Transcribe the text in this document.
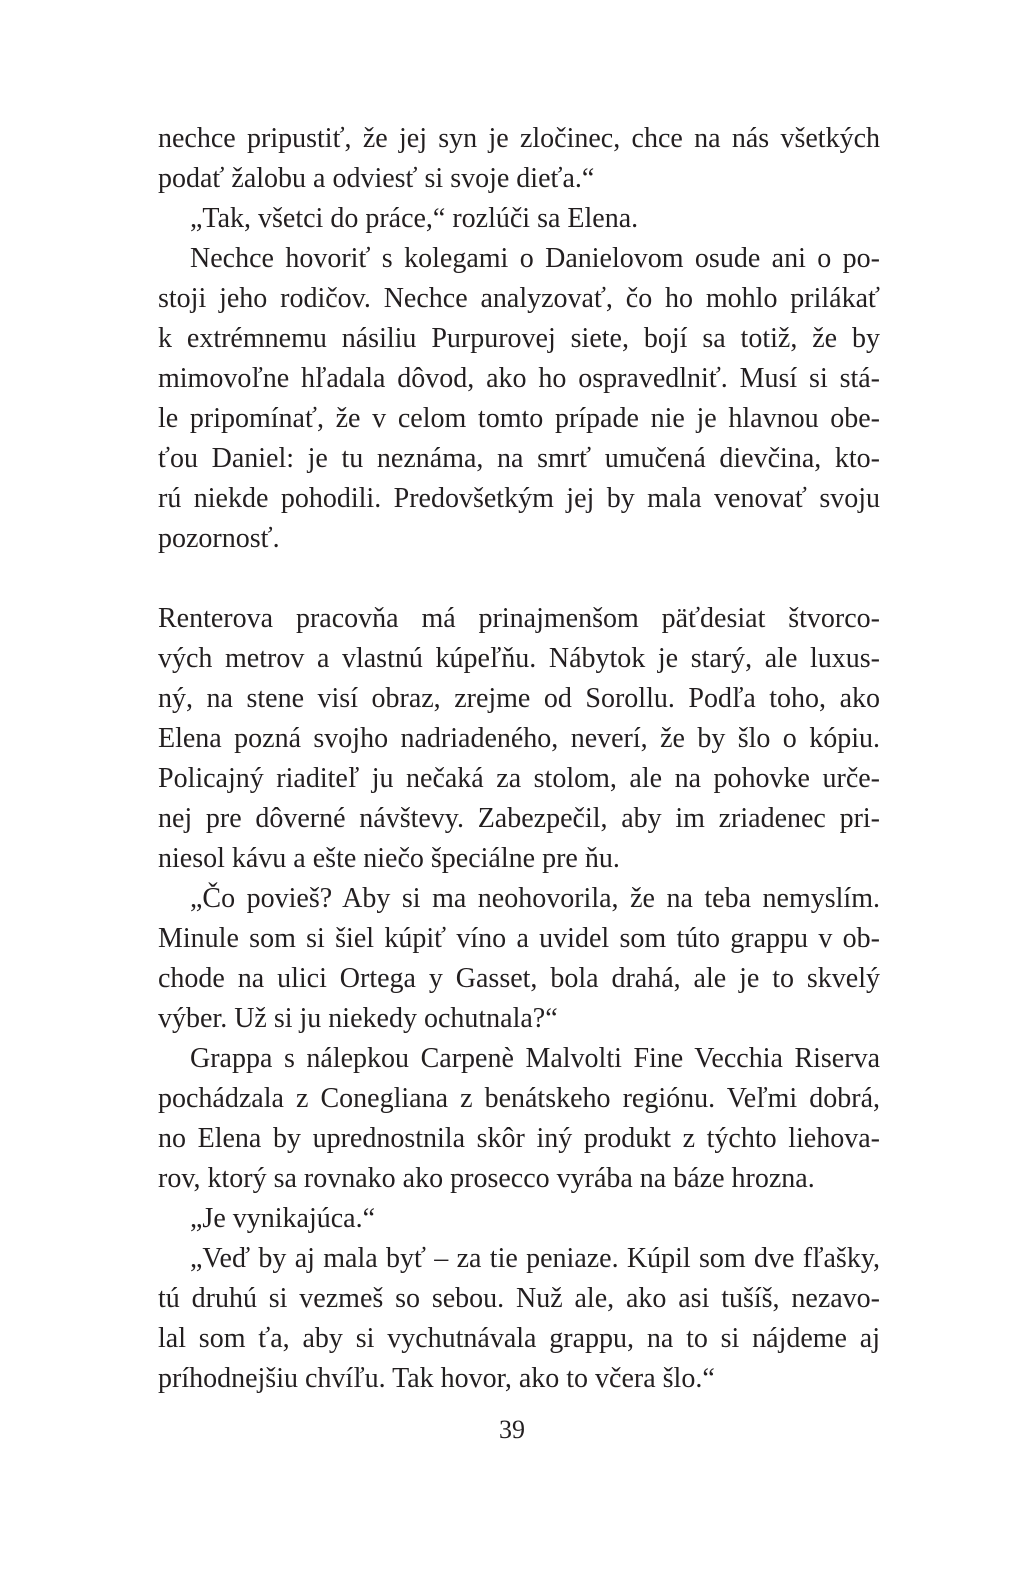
nechce pripustiť, že jej syn je zločinec, chce na nás všetkých
podať žalobu a odviesť si svoje dieťa.“
„Tak, všetci do práce,“ rozlúči sa Elena.
Nechce hovoriť s kolegami o Danielovom osude ani o po-
stoji jeho rodičov. Nechce analyzovať, čo ho mohlo prilákať
k extrémnemu násiliu Purpurovej siete, bojí sa totiž, že by
mimovoľne hľadala dôvod, ako ho ospravedlniť. Musí si stá-
le pripomínať, že v celom tomto prípade nie je hlavnou obe-
ťou Daniel: je tu neznáma, na smrť umučená dievčina, kto-
rú niekde pohodili. Predovšetkým jej by mala venovať svoju
pozornosť.
Renterova pracovňa má prinajmenšom päťdesiat štvorco-
vých metrov a vlastnú kúpeľňu. Nábytok je starý, ale luxus-
ný, na stene visí obraz, zrejme od Sorollu. Podľa toho, ako
Elena pozná svojho nadriadeného, neverí, že by šlo o kópiu.
Policajný riaditeľ ju nečaká za stolom, ale na pohovke urče-
nej pre dôverné návštevy. Zabezpečil, aby im zriadenec pri-
niesol kávu a ešte niečo špeciálne pre ňu.
„Čo povieš? Aby si ma neohovorila, že na teba nemyslím.
Minule som si šiel kúpiť víno a uvidel som túto grappu v ob-
chode na ulici Ortega y Gasset, bola drahá, ale je to skvelý
výber. Už si ju niekedy ochutnala?“
Grappa s nálepkou Carpenè Malvolti Fine Vecchia Riserva
pochádzala z Conegliana z benátskeho regiónu. Veľmi dobrá,
no Elena by uprednostnila skôr iný produkt z týchto liehova-
rov, ktorý sa rovnako ako prosecco vyrába na báze hrozna.
„Je vynikajúca.“
„Veď by aj mala byť – za tie peniaze. Kúpil som dve fľašky,
tú druhú si vezmeš so sebou. Nuž ale, ako asi tušíš, nezavo-
lal som ťa, aby si vychutnávala grappu, na to si nájdeme aj
príhodnejšiu chvíľu. Tak hovor, ako to včera šlo.“
39
